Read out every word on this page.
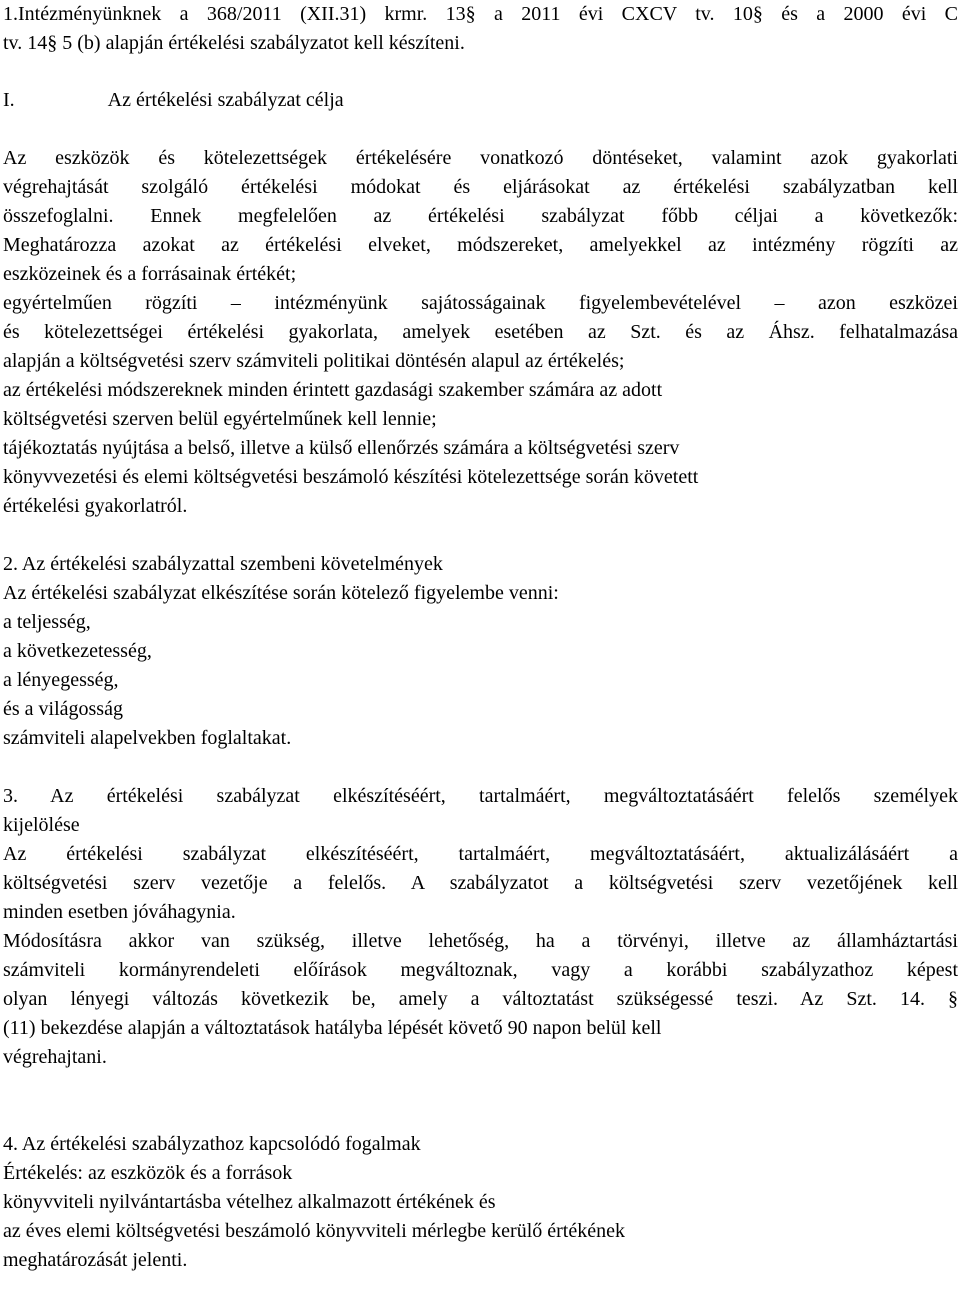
1.Intézményünknek a 368/2011 (XII.31) krmr. 13§ a 2011 évi CXCV tv. 10§ és a 2000 évi C
tv. 14§ 5 (b) alapján értékelési szabályzatot kell készíteni.
I.	Az értékelési szabályzat célja
Az eszközök és kötelezettségek értékelésére vonatkozó döntéseket, valamint azok gyakorlati
végrehajtását szolgáló értékelési módokat és eljárásokat az értékelési szabályzatban kell
összefoglalni. Ennek megfelelően az értékelési szabályzat főbb céljai a következők:
Meghatározza azokat az értékelési elveket, módszereket, amelyekkel az intézmény rögzíti az
eszközeinek és a forrásainak értékét;
egyértelműen rögzíti – intézményünk sajátosságainak figyelembevételével – azon eszközei
és kötelezettségei értékelési gyakorlata, amelyek esetében az Szt. és az Áhsz. felhatalmazása
alapján a költségvetési szerv számviteli politikai döntésén alapul az értékelés;
az értékelési módszereknek minden érintett gazdasági szakember számára az adott
költségvetési szerven belül egyértelműnek kell lennie;
tájékoztatás nyújtása a belső, illetve a külső ellenőrzés számára a költségvetési szerv
könyvvezetési és elemi költségvetési beszámoló készítési kötelezettsége során követett
értékelési gyakorlatról.
2. Az értékelési szabályzattal szembeni követelmények
Az értékelési szabályzat elkészítése során kötelező figyelembe venni:
a teljesség,
a következetesség,
a lényegesség,
és a világosság
számviteli alapelvekben foglaltakat.
3. Az értékelési szabályzat elkészítéséért, tartalmáért, megváltoztatásáért felelős személyek
kijelölése
Az értékelési szabályzat elkészítéséért, tartalmáért, megváltoztatásáért, aktualizálásáért a
költségvetési szerv vezetője a felelős. A szabályzatot a költségvetési szerv vezetőjének kell
minden esetben jóváhagynia.
Módosításra akkor van szükség, illetve lehetőség, ha a törvényi, illetve az államháztartási
számviteli kormányrendeleti előírások megváltoznak, vagy a korábbi szabályzathoz képest
olyan lényegi változás következik be, amely a változtatást szükségessé teszi. Az Szt. 14. §
(11) bekezdése alapján a változtatások hatályba lépését követő 90 napon belül kell
végrehajtani.
4. Az értékelési szabályzathoz kapcsolódó fogalmak
Értékelés: az eszközök és a források
könyvviteli nyilvántartásba vételhez alkalmazott értékének és
az éves elemi költségvetési beszámoló könyvviteli mérlegbe kerülő értékének
meghatározását jelenti.
